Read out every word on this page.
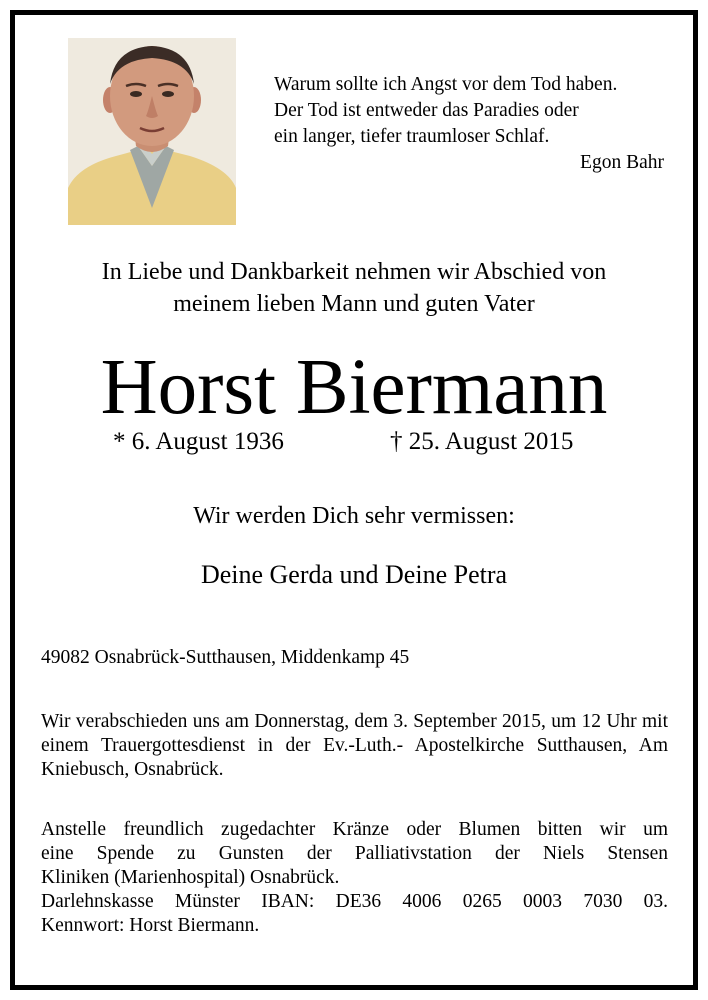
Warum sollte ich Angst vor dem Tod haben.
Der Tod ist entweder das Paradies oder
ein langer, tiefer traumloser Schlaf.
Egon Bahr
In Liebe und Dankbarkeit nehmen wir Abschied von
meinem lieben Mann und guten Vater
Horst Biermann
* 6. August 1936	† 25. August 2015
Wir werden Dich sehr vermissen:
Deine Gerda und Deine Petra
49082 Osnabrück-Sutthausen, Middenkamp 45
Wir verabschieden uns am Donnerstag, dem 3. September 2015, um 12 Uhr mit einem Trauergottesdienst in der Ev.-Luth.- Apostelkirche Sutthausen, Am Kniebusch, Osnabrück.
Anstelle freundlich zugedachter Kränze oder Blumen bitten wir um
eine Spende zu Gunsten der Palliativstation der Niels Stensen
Kliniken (Marienhospital) Osnabrück.
Darlehnskasse Münster IBAN: DE36 4006 0265 0003 7030 03.
Kennwort: Horst Biermann.
